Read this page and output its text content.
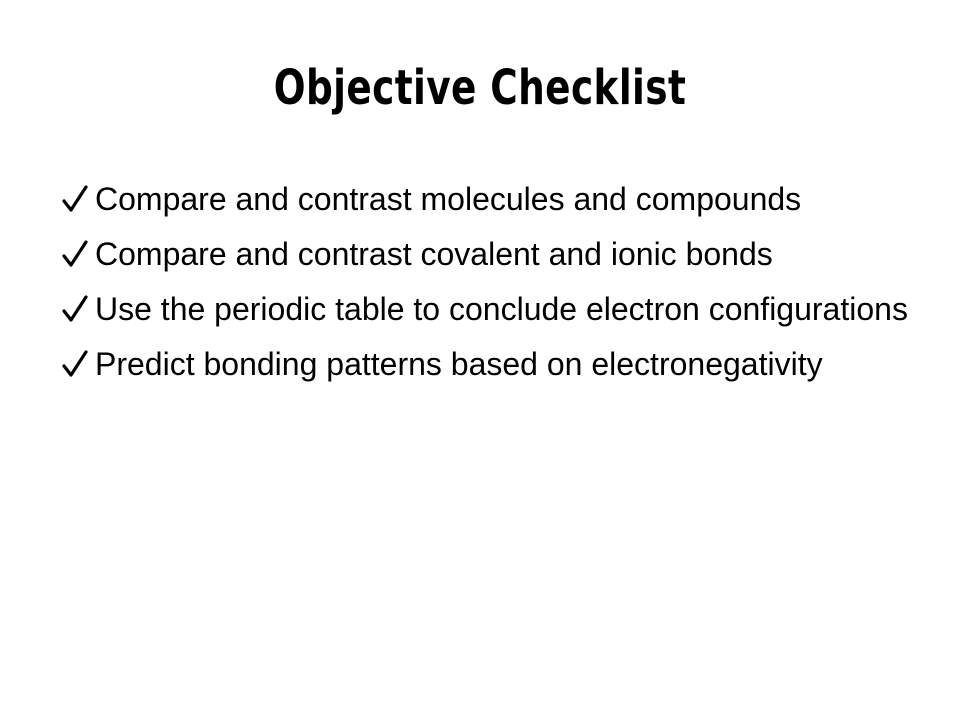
Objective Checklist
Compare and contrast molecules and compounds
Compare and contrast covalent and ionic bonds
Use the periodic table to conclude electron configurations
Predict bonding patterns based on electronegativity
